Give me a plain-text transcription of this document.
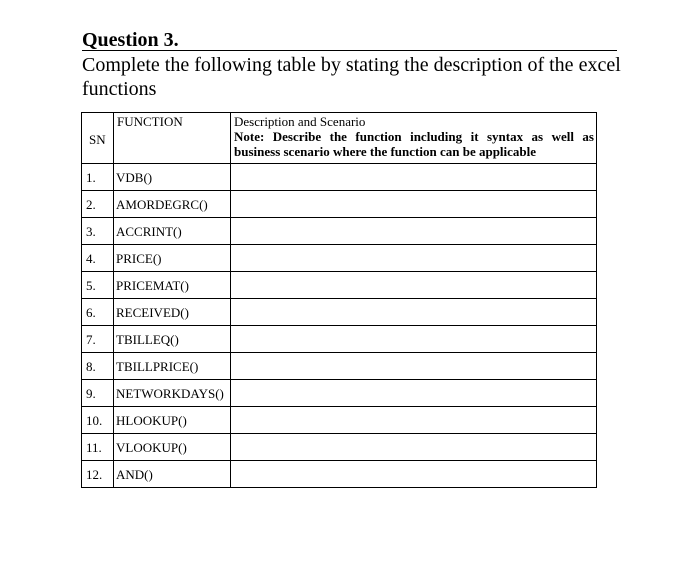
Question 3.
Complete the following table by stating the description of the excel functions
SN	FUNCTION	Description and Scenario
Note: Describe the function including it syntax as well as business scenario where the function can be applicable

1.	VDB()	

2.	AMORDEGRC()	

3.	ACCRINT()	

4.	PRICE()	

5.	PRICEMAT()	

6.	RECEIVED()	

7.	TBILLEQ()	

8.	TBILLPRICE()	

9.	NETWORKDAYS()	

10.	HLOOKUP()	

11.	VLOOKUP()	

12.	AND()	
